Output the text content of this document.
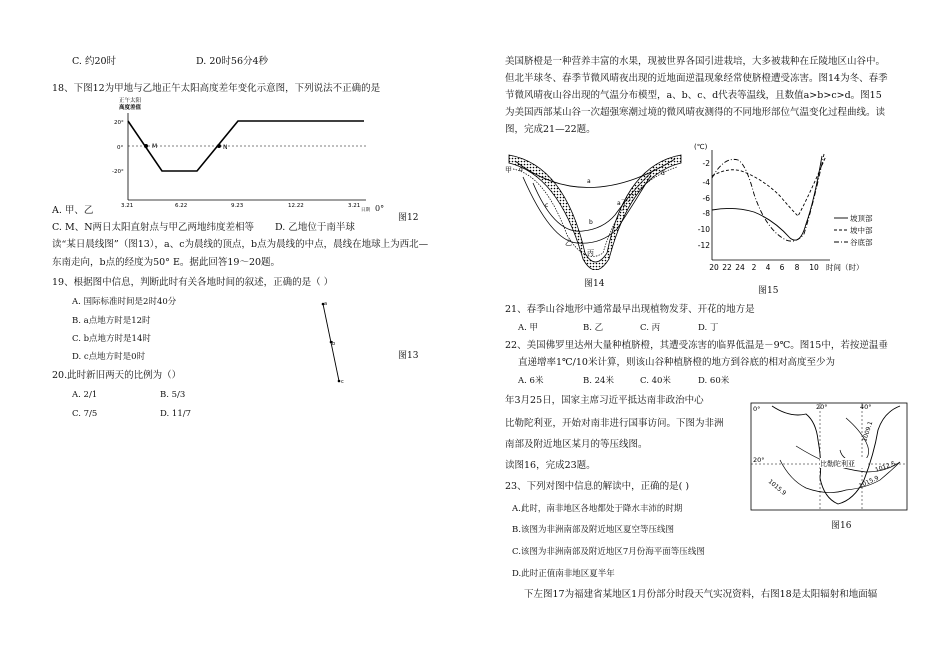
C. 约20时	D. 20时56分4秒
18、下图12为甲地与乙地正午太阳高度差年变化示意图，下列说法不正确的是
正午太阳
高度差值
20°
0°
-20°
M	N
3.21	6.22	9.23	12.22	3.21
日期 0°
A. 甲、乙
图12
C. M、N两日太阳直射点与甲乙两地纬度差相等 D. 乙地位于南半球
读“某日晨线图”（图13），a、c为晨线的顶点，b点为晨线的中点，晨线在地球上为西北—
东南走向，b点的经度为50° E。据此回答19～20题。
19、根据图中信息，判断此时有关各地时间的叙述，正确的是（ ）
A. 国际标准时间是2时40分
B. a点地方时是12时
C. b点地方时是14时
D. c点地方时是0时
a
b
c
图13
20.此时新旧两天的比例为（）
A. 2/1	B. 5/3
C. 7/5	D. 11/7
美国脐橙是一种营养丰富的水果，现被世界各国引进栽培，大多被栽种在丘陵地区山谷中。
但北半球冬、春季节微风晴夜出现的近地面逆温现象经常使脐橙遭受冻害。图14为冬、春季
节微风晴夜山谷出现的气温分布模型，a、b、c、d代表等温线，且数值a>b>c>d。图15
为美国西部某山谷一次超强寒潮过境的微风晴夜测得的不同地形部位气温变化过程曲线。读
图，完成21—22题。
甲 d
a
b
c	a 丁
d
乙
丙
图14
(℃)
-2
-4
-6
-8
-10
-12
20 22 24 2 4 6 8 10 时间（时）
坡顶部
坡中部
谷底部
图15
21、春季山谷地形中通常最早出现植物发芽、开花的地方是
A. 甲	B. 乙	C. 丙	D. 丁
22、美国佛罗里达州大量种植脐橙，其遭受冻害的临界低温是－9℃。图15中，若按逆温垂
直递增率1℃/10米计算，则该山谷种植脐橙的地方到谷底的相对高度至少为
A. 6米	B. 24米	C. 40米	D. 60米
年3月25日，国家主席习近平抵达南非政治中心
比勒陀利亚，开始对南非进行国事访问。下图为非洲
南部及附近地区某月的等压线图。
读图16，完成23题。
0°	20°	40°
20°	比勒陀利亚
1009.1
1012.5
1015.9	1015.9
图16
23、下列对图中信息的解读中，正确的是( )
A.此时，南非地区各地都处于降水丰沛的时期
B.该图为非洲南部及附近地区夏空等压线图
C.该图为非洲南部及附近地区7月份海平面等压线图
D.此时正值南非地区夏半年
下左图17为福建省某地区1月份部分时段天气实况资料，右图18是太阳辐射和地面辐
